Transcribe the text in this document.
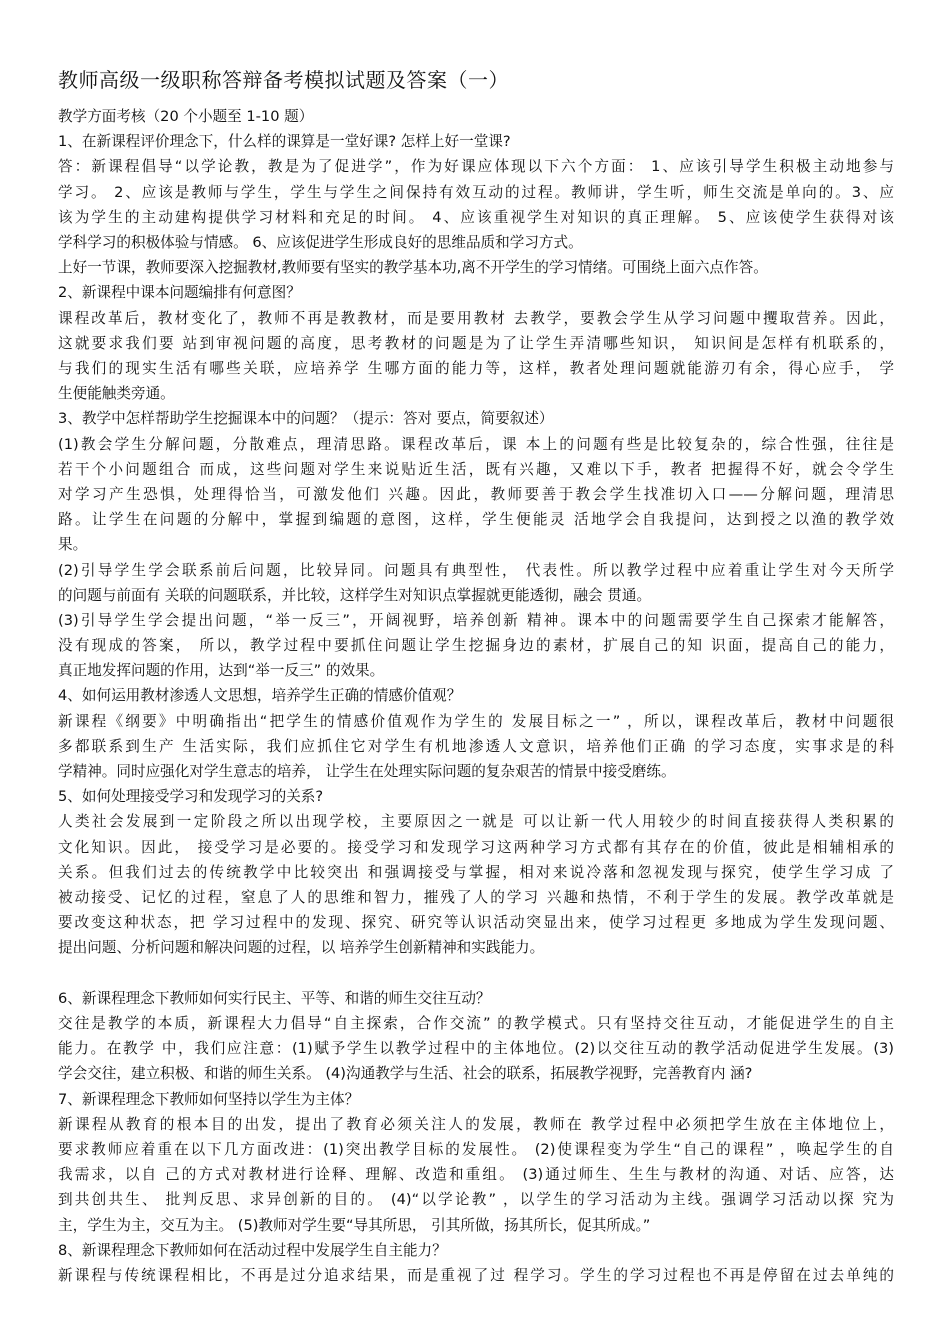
教师高级一级职称答辩备考模拟试题及答案（一）

教学方面考核（20 个小题至 1-10 题）

1、在新课程评价理念下，什么样的课算是一堂好课? 怎样上好一堂课?

答：新课程倡导“以学论教，教是为了促进学”，作为好课应体现以下六个方面： 1、应该引导学生积极主动地参与

学习。 2、应该是教师与学生，学生与学生之间保持有效互动的过程。教师讲，学生听，师生交流是单向的。3、应

该为学生的主动建构提供学习材料和充足的时间。 4、应该重视学生对知识的真正理解。 5、应该使学生获得对该

学科学习的积极体验与情感。 6、应该促进学生形成良好的思维品质和学习方式。

上好一节课，教师要深入挖掘教材,教师要有坚实的教学基本功,离不开学生的学习情绪。可围绕上面六点作答。

2、新课程中课本问题编排有何意图？

课程改革后，教材变化了，教师不再是教教材，而是要用教材 去教学，要教会学生从学习问题中攫取营养。因此，

这就要求我们要 站到审视问题的高度，思考教材的问题是为了让学生弄清哪些知识， 知识间是怎样有机联系的，

与我们的现实生活有哪些关联，应培养学 生哪方面的能力等，这样，教者处理问题就能游刃有余，得心应手， 学

生便能触类旁通。

3、教学中怎样帮助学生挖掘课本中的问题？（提示：答对 要点，简要叙述）

(1)教会学生分解问题，分散难点，理清思路。课程改革后，课 本上的问题有些是比较复杂的，综合性强，往往是

若干个小问题组合 而成，这些问题对学生来说贴近生活，既有兴趣，又难以下手，教者 把握得不好，就会令学生

对学习产生恐惧，处理得恰当，可激发他们 兴趣。因此，教师要善于教会学生找准切入口——分解问题，理清思

路。让学生在问题的分解中，掌握到编题的意图，这样，学生便能灵 活地学会自我提问，达到授之以渔的教学效

果。

(2)引导学生学会联系前后问题，比较异同。问题具有典型性， 代表性。所以教学过程中应着重让学生对今天所学

的问题与前面有 关联的问题联系，并比较，这样学生对知识点掌握就更能透彻，融会 贯通。

(3)引导学生学会提出问题，“举一反三”，开阔视野，培养创新 精神。课本中的问题需要学生自己探索才能解答，

没有现成的答案， 所以，教学过程中要抓住问题让学生挖掘身边的素材，扩展自己的知 识面，提高自己的能力，

真正地发挥问题的作用，达到“举一反三” 的效果。

4、如何运用教材渗透人文思想，培养学生正确的情感价值观？

新课程《纲要》中明确指出“把学生的情感价值观作为学生的 发展目标之一” ，所以，课程改革后，教材中问题很

多都联系到生产 生活实际，我们应抓住它对学生有机地渗透人文意识，培养他们正确 的学习态度，实事求是的科

学精神。同时应强化对学生意志的培养， 让学生在处理实际问题的复杂艰苦的情景中接受磨练。

5、如何处理接受学习和发现学习的关系?

人类社会发展到一定阶段之所以出现学校，主要原因之一就是 可以让新一代人用较少的时间直接获得人类积累的

文化知识。因此， 接受学习是必要的。接受学习和发现学习这两种学习方式都有其存在的价值，彼此是相辅相承的

关系。但我们过去的传统教学中比较突出 和强调接受与掌握，相对来说冷落和忽视发现与探究，使学生学习成 了

被动接受、记忆的过程，窒息了人的思维和智力，摧残了人的学习 兴趣和热情，不利于学生的发展。教学改革就是

要改变这种状态，把 学习过程中的发现、探究、研究等认识活动突显出来，使学习过程更 多地成为学生发现问题、

提出问题、分析问题和解决问题的过程，以 培养学生创新精神和实践能力。

6、新课程理念下教师如何实行民主、平等、和谐的师生交往互动？

交往是教学的本质，新课程大力倡导“自主探索，合作交流” 的教学模式。只有坚持交往互动，才能促进学生的自主

能力。在教学 中，我们应注意：(1)赋予学生以教学过程中的主体地位。(2)以交往互动的教学活动促进学生发展。(3)

学会交往，建立积极、和谐的师生关系。 (4)沟通教学与生活、社会的联系，拓展教学视野，完善教育内 涵?

7、新课程理念下教师如何坚持以学生为主体？

新课程从教育的根本目的出发，提出了教育必须关注人的发展，教师在 教学过程中必须把学生放在主体地位上，

要求教师应着重在以下几方面改进：(1)突出教学目标的发展性。 (2)使课程变为学生“自己的课程” ，唤起学生的自

我需求，以自 己的方式对教材进行诠释、理解、改造和重组。 (3)通过师生、生生与教材的沟通、对话、应答，达

到共创共生、 批判反思、求异创新的目的。 (4)“以学论教” ，以学生的学习活动为主线。强调学习活动以探 究为

主，学生为主，交互为主。 (5)教师对学生要“导其所思， 引其所做，扬其所长，促其所成。”

8、新课程理念下教师如何在活动过程中发展学生自主能力？

新课程与传统课程相比，不再是过分追求结果，而是重视了过 程学习。学生的学习过程也不再是停留在过去单纯的
